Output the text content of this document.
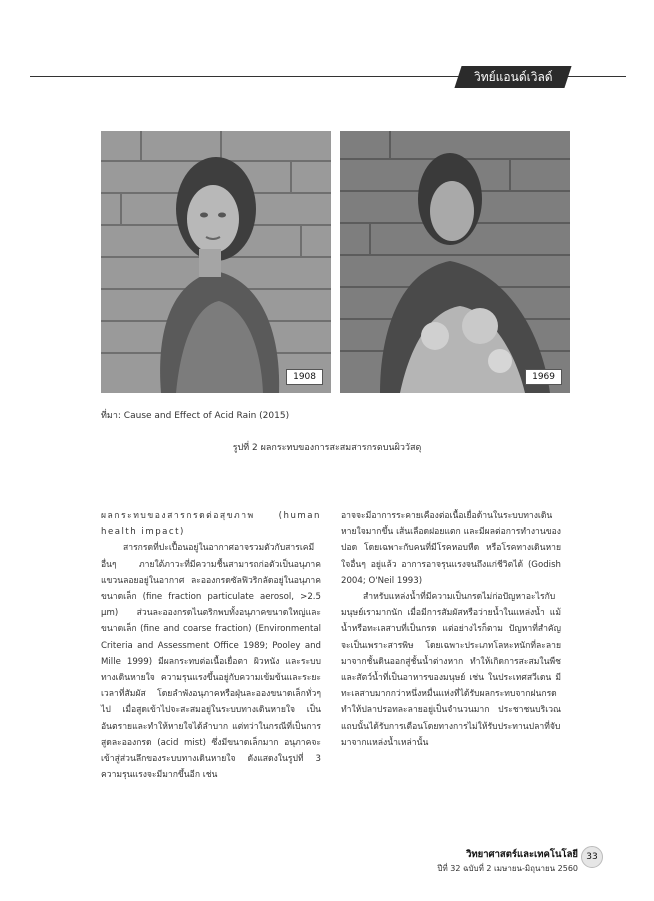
วิทย์แอนด์เวิลด์
1908	1969
ที่มา: Cause and Effect of Acid Rain (2015)
รูปที่ 2 ผลกระทบของการสะสมสารกรดบนผิววัสดุ

ผลกระทบของสารกรดต่อสุขภาพ (human health impact)

สารกรดที่ปะเปื้อนอยู่ในอากาศอาจรวมตัวกับสารเคมีอื่นๆ ภายใต้ภาวะที่มีความชื้นสามารถก่อตัวเป็นอนุภาคแขวนลอยอยู่ในอากาศ ละอองกรดซัลฟิวริกลัดอยู่ในอนุภาคขนาดเล็ก (fine fraction particulate aerosol, >2.5 µm) ส่วนละอองกรดไนตริกพบทั้งอนุภาคขนาดใหญ่และขนาดเล็ก (fine and coarse fraction) (Environmental Criteria and Assessment Office 1989; Pooley and Mille 1999) มีผลกระทบต่อเนื้อเยื่อตา ผิวหนัง และระบบทางเดินหายใจ ความรุนแรงขึ้นอยู่กับความเข้มข้นและระยะเวลาที่สัมผัส โดยลำพังอนุภาคหรือฝุ่นละอองขนาดเล็กทั่วๆ ไป เมื่อสูดเข้าไปจะสะสมอยู่ในระบบทางเดินหายใจ เป็นอันตรายและทำให้หายใจได้ลำบาก แต่ทว่าในกรณีที่เป็นการสูดละอองกรด (acid mist) ซึ่งมีขนาดเล็กมาก อนุภาคจะเข้าสู่ส่วนลึกของระบบทางเดินหายใจ ดังแสดงในรูปที่ 3 ความรุนแรงจะมีมากขึ้นอีก เช่น

อาจจะมีอาการระคายเคืองต่อเนื้อเยื่อด้านในระบบทางเดินหายใจมากขึ้น เส้นเลือดฝอยแตก และมีผลต่อการทำงานของปอด โดยเฉพาะกับคนที่มีโรคหอบหืด หรือโรคทางเดินหายใจอื่นๆ อยู่แล้ว อาการอาจรุนแรงจนถึงแก่ชีวิตได้ (Godish 2004; O'Neil 1993)

สำหรับแหล่งน้ำที่มีความเป็นกรดไม่ก่อปัญหาอะไรกับมนุษย์เรามากนัก เมื่อมีการสัมผัสหรือว่ายน้ำในแหล่งน้ำ แม้น้ำหรือทะเลสาบที่เป็นกรด แต่อย่างไรก็ตาม ปัญหาที่สำคัญจะเป็นเพราะสารพิษ โดยเฉพาะประเภทโลหะหนักที่ละลายมาจากชั้นดินออกสู่ชั้นน้ำต่างหาก ทำให้เกิดการสะสมในพืชและสัตว์น้ำที่เป็นอาหารของมนุษย์ เช่น ในประเทศสวีเดน มีทะเลสาบมากกว่าหนึ่งหมื่นแห่งที่ได้รับผลกระทบจากฝนกรดทำให้ปลาปรอทละลายอยู่เป็นจำนวนมาก ประชาชนบริเวณแถบนั้นได้รับการเตือนโดยทางการไม่ให้รับประทานปลาที่จับมาจากแหล่งน้ำเหล่านั้น

วิทยาศาสตร์และเทคโนโลยี
ปีที่ 32 ฉบับที่ 2 เมษายน-มิถุนายน 2560
33
